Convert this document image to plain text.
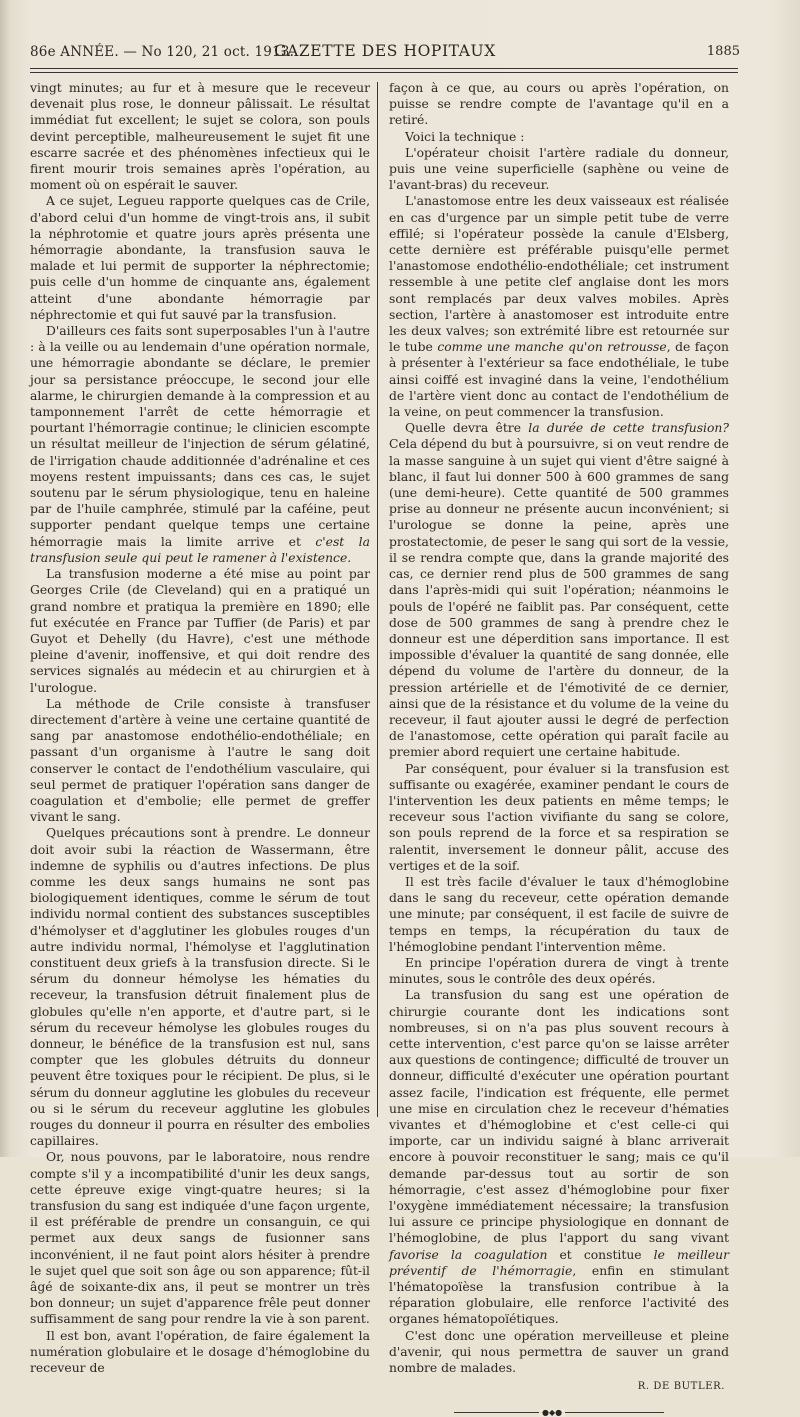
86e ANNÉE. — No 120, 21 oct. 1913.
GAZETTE DES HOPITAUX	1885

vingt minutes; au fur et à mesure que le receveur devenait plus rose, le donneur pâlissait. Le résultat immédiat fut excellent; le sujet se colora, son pouls devint perceptible, malheureusement le sujet fit une escarre sacrée et des phénomènes infectieux qui le firent mourir trois semaines après l'opération, au moment où on espérait le sauver.

A ce sujet, Legueu rapporte quelques cas de Crile, d'abord celui d'un homme de vingt-trois ans, il subit la néphrotomie et quatre jours après présenta une hémorragie abondante, la transfusion sauva le malade et lui permit de supporter la néphrectomie; puis celle d'un homme de cinquante ans, également atteint d'une abondante hémorragie par néphrectomie et qui fut sauvé par la transfusion.

D'ailleurs ces faits sont superposables l'un à l'autre : à la veille ou au lendemain d'une opération normale, une hémorragie abondante se déclare, le premier jour sa persistance préoccupe, le second jour elle alarme, le chirurgien demande à la compression et au tamponnement l'arrêt de cette hémorragie et pourtant l'hémorragie continue; le clinicien escompte un résultat meilleur de l'injection de sérum gélatiné, de l'irrigation chaude additionnée d'adrénaline et ces moyens restent impuissants; dans ces cas, le sujet soutenu par le sérum physiologique, tenu en haleine par de l'huile camphrée, stimulé par la caféine, peut supporter pendant quelque temps une certaine hémorragie mais la limite arrive et c'est la transfusion seule qui peut le ramener à l'existence.

La transfusion moderne a été mise au point par Georges Crile (de Cleveland) qui en a pratiqué un grand nombre et pratiqua la première en 1890; elle fut exécutée en France par Tuffier (de Paris) et par Guyot et Dehelly (du Havre), c'est une méthode pleine d'avenir, inoffensive, et qui doit rendre des services signalés au médecin et au chirurgien et à l'urologue.

La méthode de Crile consiste à transfuser directement d'artère à veine une certaine quantité de sang par anastomose endothélio-endothéliale; en passant d'un organisme à l'autre le sang doit conserver le contact de l'endothélium vasculaire, qui seul permet de pratiquer l'opération sans danger de coagulation et d'embolie; elle permet de greffer vivant le sang.

Quelques précautions sont à prendre. Le donneur doit avoir subi la réaction de Wassermann, être indemne de syphilis ou d'autres infections. De plus comme les deux sangs humains ne sont pas biologiquement identiques, comme le sérum de tout individu normal contient des substances susceptibles d'hémolyser et d'agglutiner les globules rouges d'un autre individu normal, l'hémolyse et l'agglutination constituent deux griefs à la transfusion directe. Si le sérum du donneur hémolyse les hématies du receveur, la transfusion détruit finalement plus de globules qu'elle n'en apporte, et d'autre part, si le sérum du receveur hémolyse les globules rouges du donneur, le bénéfice de la transfusion est nul, sans compter que les globules détruits du donneur peuvent être toxiques pour le récipient. De plus, si le sérum du donneur agglutine les globules du receveur ou si le sérum du receveur agglutine les globules rouges du donneur il pourra en résulter des embolies capillaires.

Or, nous pouvons, par le laboratoire, nous rendre compte s'il y a incompatibilité d'unir les deux sangs, cette épreuve exige vingt-quatre heures; si la transfusion du sang est indiquée d'une façon urgente, il est préférable de prendre un consanguin, ce qui permet aux deux sangs de fusionner sans inconvénient, il ne faut point alors hésiter à prendre le sujet quel que soit son âge ou son apparence; fût-il âgé de soixante-dix ans, il peut se montrer un très bon donneur; un sujet d'apparence frêle peut donner suffisamment de sang pour rendre la vie à son parent.

Il est bon, avant l'opération, de faire également la numération globulaire et le dosage d'hémoglobine du receveur de

façon à ce que, au cours ou après l'opération, on puisse se rendre compte de l'avantage qu'il en a retiré.

Voici la technique :

L'opérateur choisit l'artère radiale du donneur, puis une veine superficielle (saphène ou veine de l'avant-bras) du receveur.

L'anastomose entre les deux vaisseaux est réalisée en cas d'urgence par un simple petit tube de verre effilé; si l'opérateur possède la canule d'Elsberg, cette dernière est préférable puisqu'elle permet l'anastomose endothélio-endothéliale; cet instrument ressemble à une petite clef anglaise dont les mors sont remplacés par deux valves mobiles. Après section, l'artère à anastomoser est introduite entre les deux valves; son extrémité libre est retournée sur le tube comme une manche qu'on retrousse, de façon à présenter à l'extérieur sa face endothéliale, le tube ainsi coiffé est invaginé dans la veine, l'endothélium de l'artère vient donc au contact de l'endothélium de la veine, on peut commencer la transfusion.

Quelle devra être la durée de cette transfusion? Cela dépend du but à poursuivre, si on veut rendre de la masse sanguine à un sujet qui vient d'être saigné à blanc, il faut lui donner 500 à 600 grammes de sang (une demi-heure). Cette quantité de 500 grammes prise au donneur ne présente aucun inconvénient; si l'urologue se donne la peine, après une prostatectomie, de peser le sang qui sort de la vessie, il se rendra compte que, dans la grande majorité des cas, ce dernier rend plus de 500 grammes de sang dans l'après-midi qui suit l'opération; néanmoins le pouls de l'opéré ne faiblit pas. Par conséquent, cette dose de 500 grammes de sang à prendre chez le donneur est une déperdition sans importance. Il est impossible d'évaluer la quantité de sang donnée, elle dépend du volume de l'artère du donneur, de la pression artérielle et de l'émotivité de ce dernier, ainsi que de la résistance et du volume de la veine du receveur, il faut ajouter aussi le degré de perfection de l'anastomose, cette opération qui paraît facile au premier abord requiert une certaine habitude.

Par conséquent, pour évaluer si la transfusion est suffisante ou exagérée, examiner pendant le cours de l'intervention les deux patients en même temps; le receveur sous l'action vivifiante du sang se colore, son pouls reprend de la force et sa respiration se ralentit, inversement le donneur pâlit, accuse des vertiges et de la soif.

Il est très facile d'évaluer le taux d'hémoglobine dans le sang du receveur, cette opération demande une minute; par conséquent, il est facile de suivre de temps en temps, la récupération du taux de l'hémoglobine pendant l'intervention même.

En principe l'opération durera de vingt à trente minutes, sous le contrôle des deux opérés.

La transfusion du sang est une opération de chirurgie courante dont les indications sont nombreuses, si on n'a pas plus souvent recours à cette intervention, c'est parce qu'on se laisse arrêter aux questions de contingence; difficulté de trouver un donneur, difficulté d'exécuter une opération pourtant assez facile, l'indication est fréquente, elle permet une mise en circulation chez le receveur d'hématies vivantes et d'hémoglobine et c'est celle-ci qui importe, car un individu saigné à blanc arriverait encore à pouvoir reconstituer le sang; mais ce qu'il demande par-dessus tout au sortir de son hémorragie, c'est assez d'hémoglobine pour fixer l'oxygène immédiatement nécessaire; la transfusion lui assure ce principe physiologique en donnant de l'hémoglobine, de plus l'apport du sang vivant favorise la coagulation et constitue le meilleur préventif de l'hémorragie, enfin en stimulant l'hématopoïèse la transfusion contribue à la réparation globulaire, elle renforce l'activité des organes hématopoïétiques.

C'est donc une opération merveilleuse et pleine d'avenir, qui nous permettra de sauver un grand nombre de malades.

R. DE BUTLER.
●◆●
